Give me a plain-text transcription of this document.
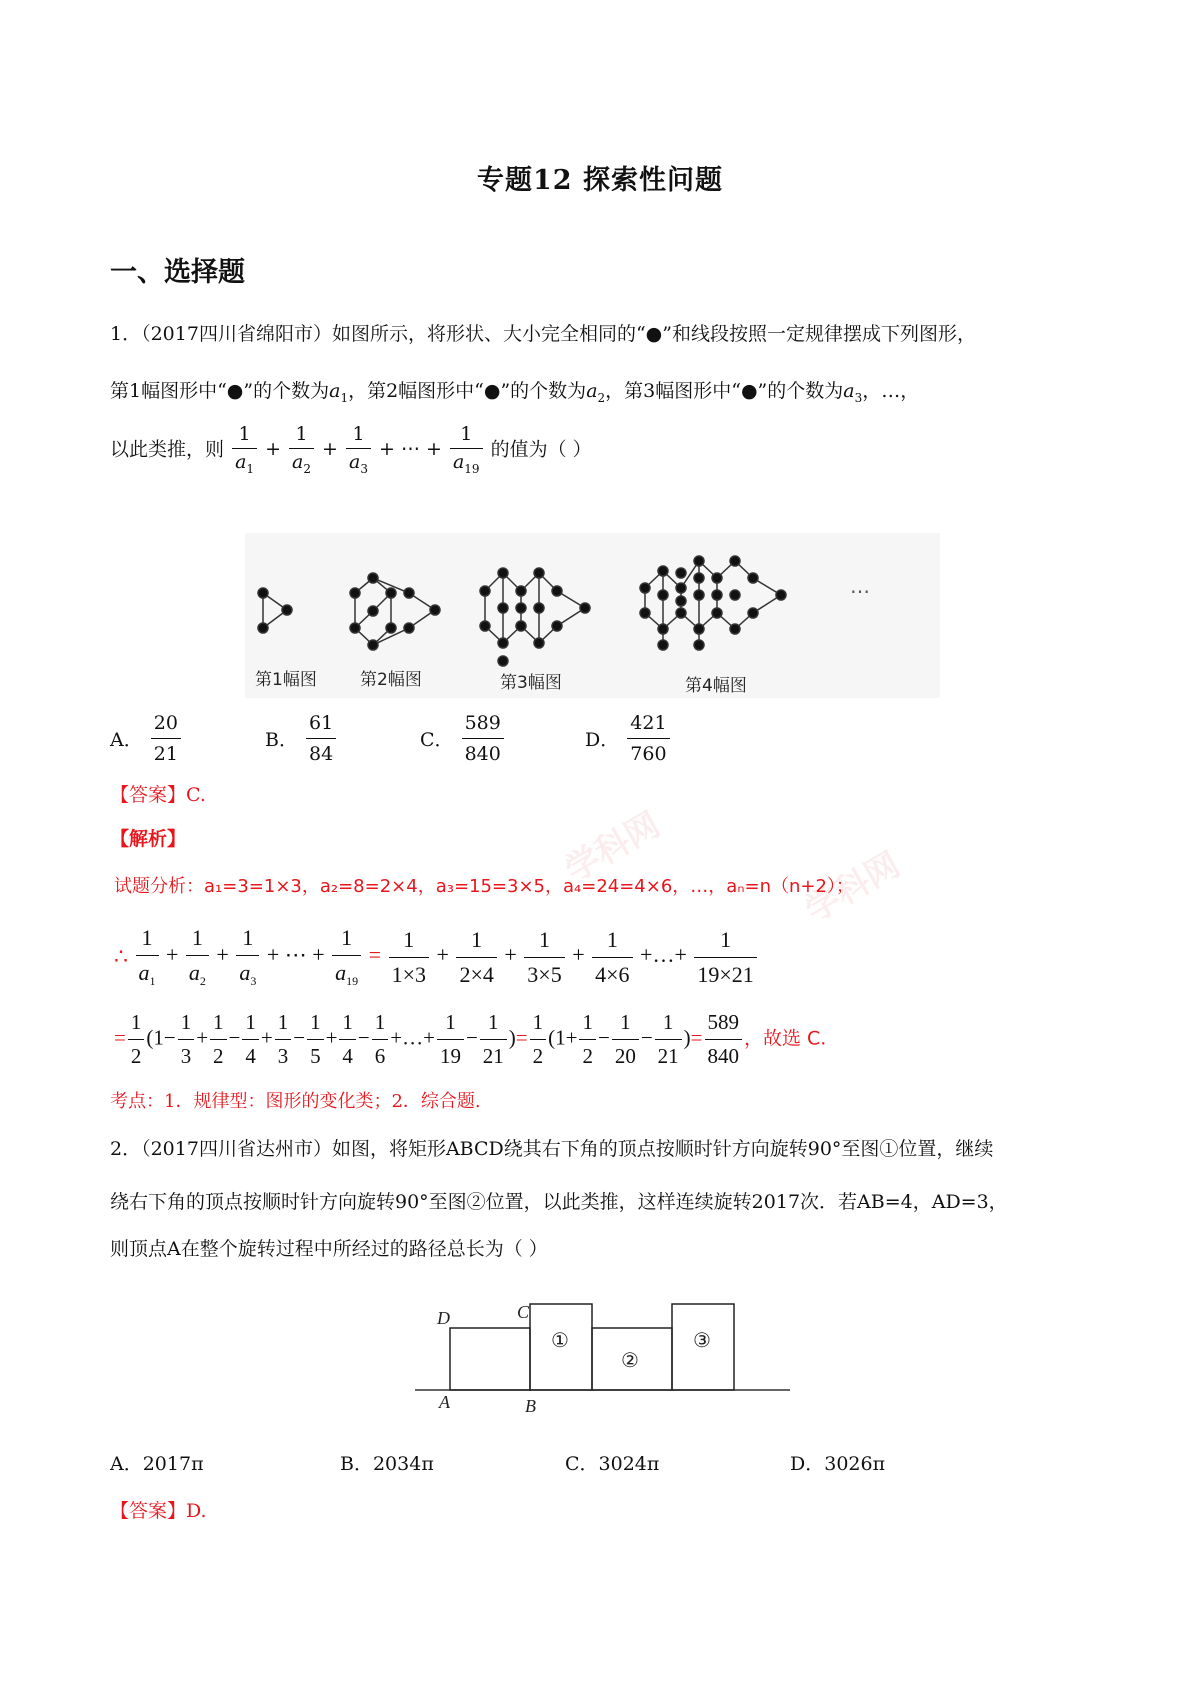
学科网	学科网
专题12 探索性问题
一、选择题
1．（2017四川省绵阳市）如图所示，将形状、大小完全相同的“●”和线段按照一定规律摆成下列图形，
第1幅图形中“●”的个数为$a_1$，第2幅图形中“●”的个数为$a_2$，第3幅图形中“●”的个数为$a_3$，…，
以此类推，则 $\frac{1}{a_1} + \frac{1}{a_2} + \frac{1}{a_3}$ + ⋯ + $\frac{1}{a_{19}}$ 的值为（ ）
第1幅图	第2幅图	第3幅图	第4幅图
…
A． $\frac{20}{21}$	B． $\frac{61}{84}$	C． $\frac{589}{840}$	D． $\frac{421}{760}$
【答案】C.
【解析】
试题分析：a₁=3=1×3，a₂=8=2×4，a₃=15=3×5，a₄=24=4×6，…，aₙ=n（n+2）；
∴ $\frac{1}{a_1} + \frac{1}{a_2} + \frac{1}{a_3}$ + ⋯ + $\frac{1}{a_{19}} = \frac{1}{1\times 3} + \frac{1}{2\times 4} + \frac{1}{3\times 5} + \frac{1}{4\times 6}$ +…+ $\frac{1}{19\times 21}$
= $\frac{1}{2} (1- \frac{1}{3} + \frac{1}{2} - \frac{1}{4} + \frac{1}{3} - \frac{1}{5} + \frac{1}{4} - \frac{1}{6}$ +…+ $\frac{1}{19} - \frac{1}{21}$ )= $\frac{1}{2} (1+ \frac{1}{2} - \frac{1}{20} - \frac{1}{21}$ )= $\frac{589}{840}$ ，故选 C.
考点：1．规律型：图形的变化类；2．综合题.
2．（2017四川省达州市）如图，将矩形ABCD绕其右下角的顶点按顺时针方向旋转90°至图①位置，继续
绕右下角的顶点按顺时针方向旋转90°至图②位置，以此类推，这样连续旋转2017次．若AB=4，AD=3，
则顶点A在整个旋转过程中所经过的路径总长为（ ）
D	C
A	B
①
②
③
A．2017π	B．2034π	C．3024π	D．3026π
【答案】D.
